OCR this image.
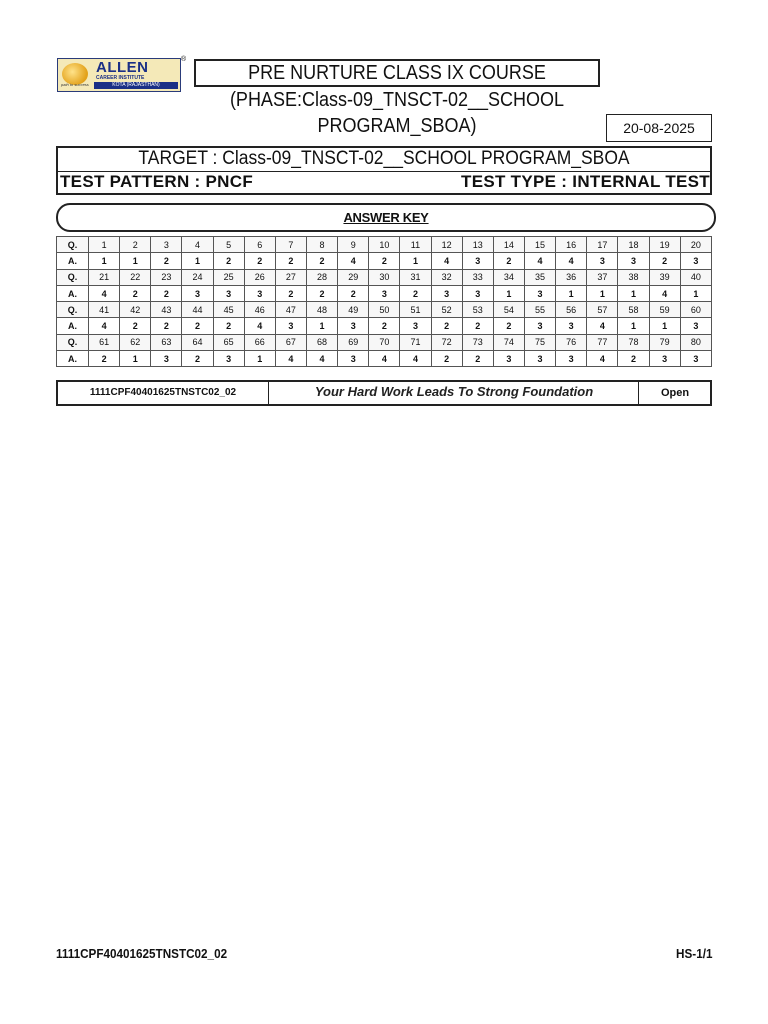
ALLEN
CAREER INSTITUTE
KOTA (RAJASTHAN)
path to success
®
PRE NURTURE CLASS IX COURSE
(PHASE:Class-09_TNSCT-02__SCHOOL
PROGRAM_SBOA)	20-08-2025
TARGET : Class-09_TNSCT-02__SCHOOL PROGRAM_SBOA
TEST PATTERN : PNCF	TEST TYPE : INTERNAL TEST
ANSWER KEY
Q.	1	2	3	4	5	6	7	8	9	10	11	12	13	14	15	16	17	18	19	20
A.	1	1	2	1	2	2	2	2	4	2	1	4	3	2	4	4	3	3	2	3
Q.	21	22	23	24	25	26	27	28	29	30	31	32	33	34	35	36	37	38	39	40
A.	4	2	2	3	3	3	2	2	2	3	2	3	3	1	3	1	1	1	4	1
Q.	41	42	43	44	45	46	47	48	49	50	51	52	53	54	55	56	57	58	59	60
A.	4	2	2	2	2	4	3	1	3	2	3	2	2	2	3	3	4	1	1	3
Q.	61	62	63	64	65	66	67	68	69	70	71	72	73	74	75	76	77	78	79	80
A.	2	1	3	2	3	1	4	4	3	4	4	2	2	3	3	3	4	2	3	3
1111CPF40401625TNSTC02_02	Your Hard Work Leads To Strong Foundation	Open
1111CPF40401625TNSTC02_02	HS-1/1
